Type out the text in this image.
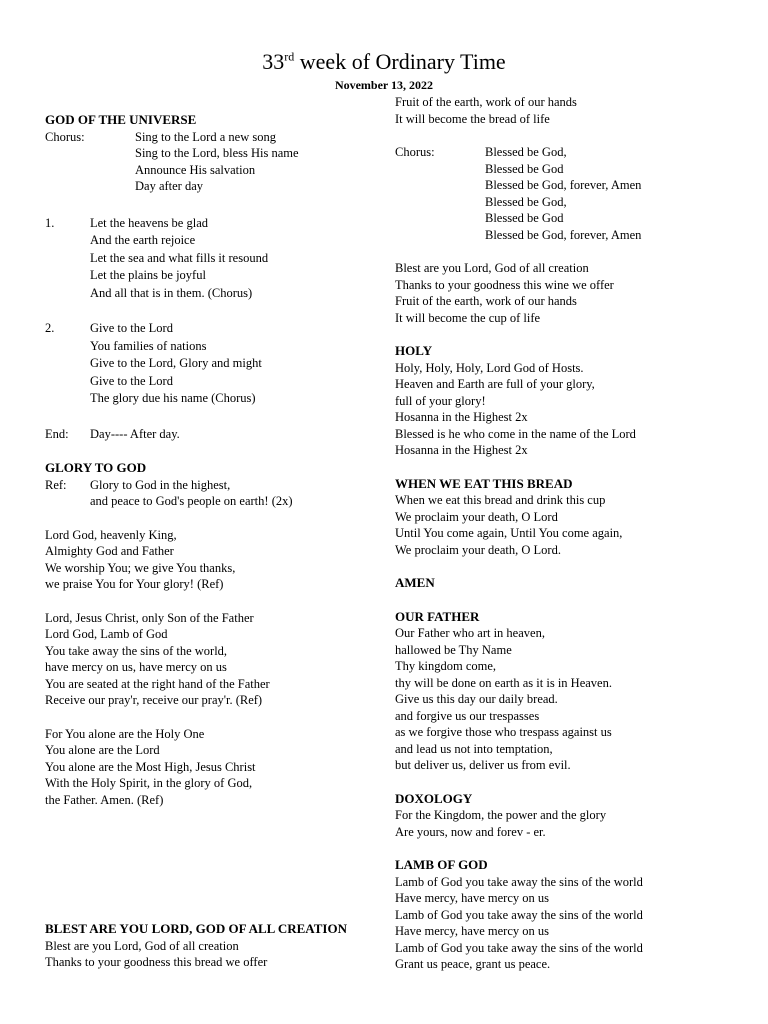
33rd week of Ordinary Time
November 13, 2022
GOD OF THE UNIVERSE
Chorus:	Sing to the Lord a new song
Sing to the Lord, bless His name
Announce His salvation
Day after day
1.	Let the heavens be glad
And the earth rejoice
Let the sea and what fills it resound
Let the plains be joyful
And all that is in them. (Chorus)
2.	Give to the Lord
You families of nations
Give to the Lord, Glory and might
Give to the Lord
The glory due his name (Chorus)
End:	Day---- After day.
GLORY TO GOD
Ref:	Glory to God in the highest,
and peace to God's people on earth! (2x)
Lord God, heavenly King,
Almighty God and Father
We worship You; we give You thanks,
we praise You for Your glory! (Ref)
Lord, Jesus Christ, only Son of the Father
Lord God, Lamb of God
You take away the sins of the world,
have mercy on us, have mercy on us
You are seated at the right hand of the Father
Receive our pray'r, receive our pray'r. (Ref)
For You alone are the Holy One
You alone are the Lord
You alone are the Most High, Jesus Christ
With the Holy Spirit, in the glory of God,
the Father. Amen. (Ref)
BLEST ARE YOU LORD, GOD OF ALL CREATION
Blest are you Lord, God of all creation
Thanks to your goodness this bread we offer
Fruit of the earth, work of our hands
It will become the bread of life
Chorus:	Blessed be God,
Blessed be God
Blessed be God, forever, Amen
Blessed be God,
Blessed be God
Blessed be God, forever, Amen
Blest are you Lord, God of all creation
Thanks to your goodness this wine we offer
Fruit of the earth, work of our hands
It will become the cup of life
HOLY
Holy, Holy, Holy, Lord God of Hosts.
Heaven and Earth are full of your glory,
full of your glory!
Hosanna in the Highest 2x
Blessed is he who come in the name of the Lord
Hosanna in the Highest 2x
WHEN WE EAT THIS BREAD
When we eat this bread and drink this cup
We proclaim your death, O Lord
Until You come again, Until You come again,
We proclaim your death, O Lord.
AMEN
OUR FATHER
Our Father who art in heaven,
hallowed be Thy Name
Thy kingdom come,
thy will be done on earth as it is in Heaven.
Give us this day our daily bread.
and forgive us our trespasses
as we forgive those who trespass against us
and lead us not into temptation,
but deliver us, deliver us from evil.
DOXOLOGY
For the Kingdom, the power and the glory
Are yours, now and forev - er.
LAMB OF GOD
Lamb of God you take away the sins of the world
Have mercy, have mercy on us
Lamb of God you take away the sins of the world
Have mercy, have mercy on us
Lamb of God you take away the sins of the world
Grant us peace, grant us peace.
